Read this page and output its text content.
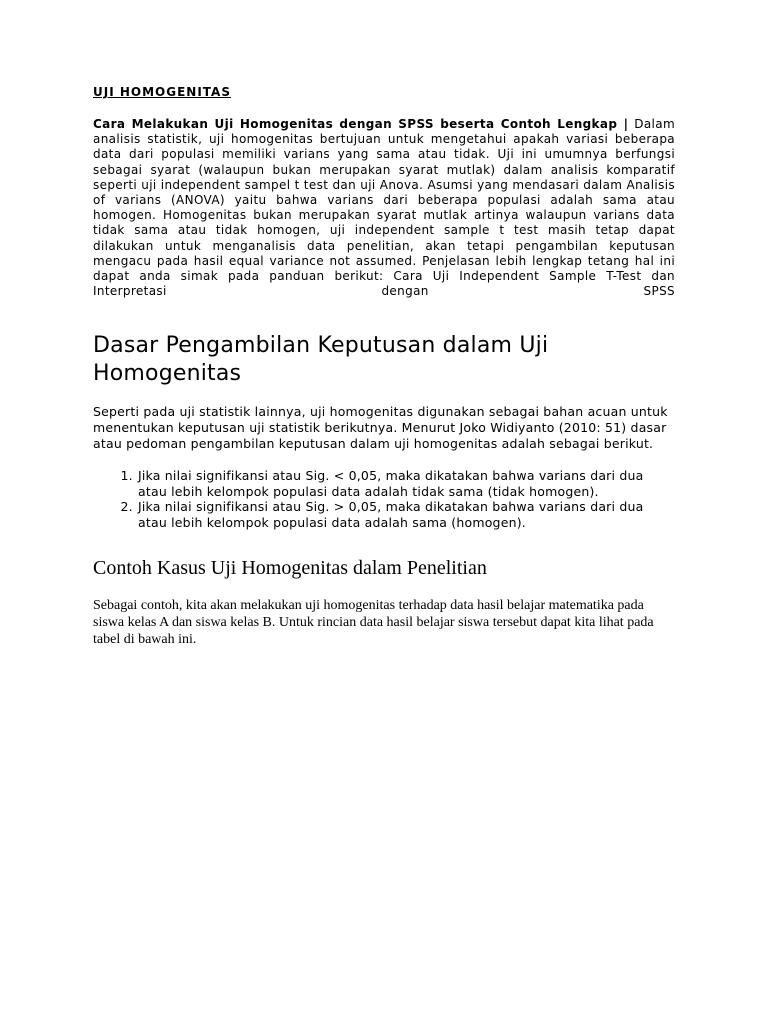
UJI HOMOGENITAS

Cara Melakukan Uji Homogenitas dengan SPSS beserta Contoh Lengkap | Dalam analisis statistik, uji homogenitas bertujuan untuk mengetahui apakah variasi beberapa data dari populasi memiliki varians yang sama atau tidak. Uji ini umumnya berfungsi sebagai syarat (walaupun bukan merupakan syarat mutlak) dalam analisis komparatif seperti uji independent sampel t test dan uji Anova. Asumsi yang mendasari dalam Analisis of varians (ANOVA) yaitu bahwa varians dari beberapa populasi adalah sama atau homogen. Homogenitas bukan merupakan syarat mutlak artinya walaupun varians data tidak sama atau tidak homogen, uji independent sample t test masih tetap dapat dilakukan untuk menganalisis data penelitian, akan tetapi pengambilan keputusan mengacu pada hasil equal variance not assumed. Penjelasan lebih lengkap tetang hal ini dapat anda simak pada panduan berikut: Cara Uji Independent Sample T-Test dan Interpretasi dengan SPSS

Dasar Pengambilan Keputusan dalam Uji Homogenitas

Seperti pada uji statistik lainnya, uji homogenitas digunakan sebagai bahan acuan untuk menentukan keputusan uji statistik berikutnya. Menurut Joko Widiyanto (2010: 51) dasar atau pedoman pengambilan keputusan dalam uji homogenitas adalah sebagai berikut.

1. Jika nilai signifikansi atau Sig. < 0,05, maka dikatakan bahwa varians dari dua atau lebih kelompok populasi data adalah tidak sama (tidak homogen).
2. Jika nilai signifikansi atau Sig. > 0,05, maka dikatakan bahwa varians dari dua atau lebih kelompok populasi data adalah sama (homogen).
Contoh Kasus Uji Homogenitas dalam Penelitian

Sebagai contoh, kita akan melakukan uji homogenitas terhadap data hasil belajar matematika pada siswa kelas A dan siswa kelas B. Untuk rincian data hasil belajar siswa tersebut dapat kita lihat pada tabel di bawah ini.
